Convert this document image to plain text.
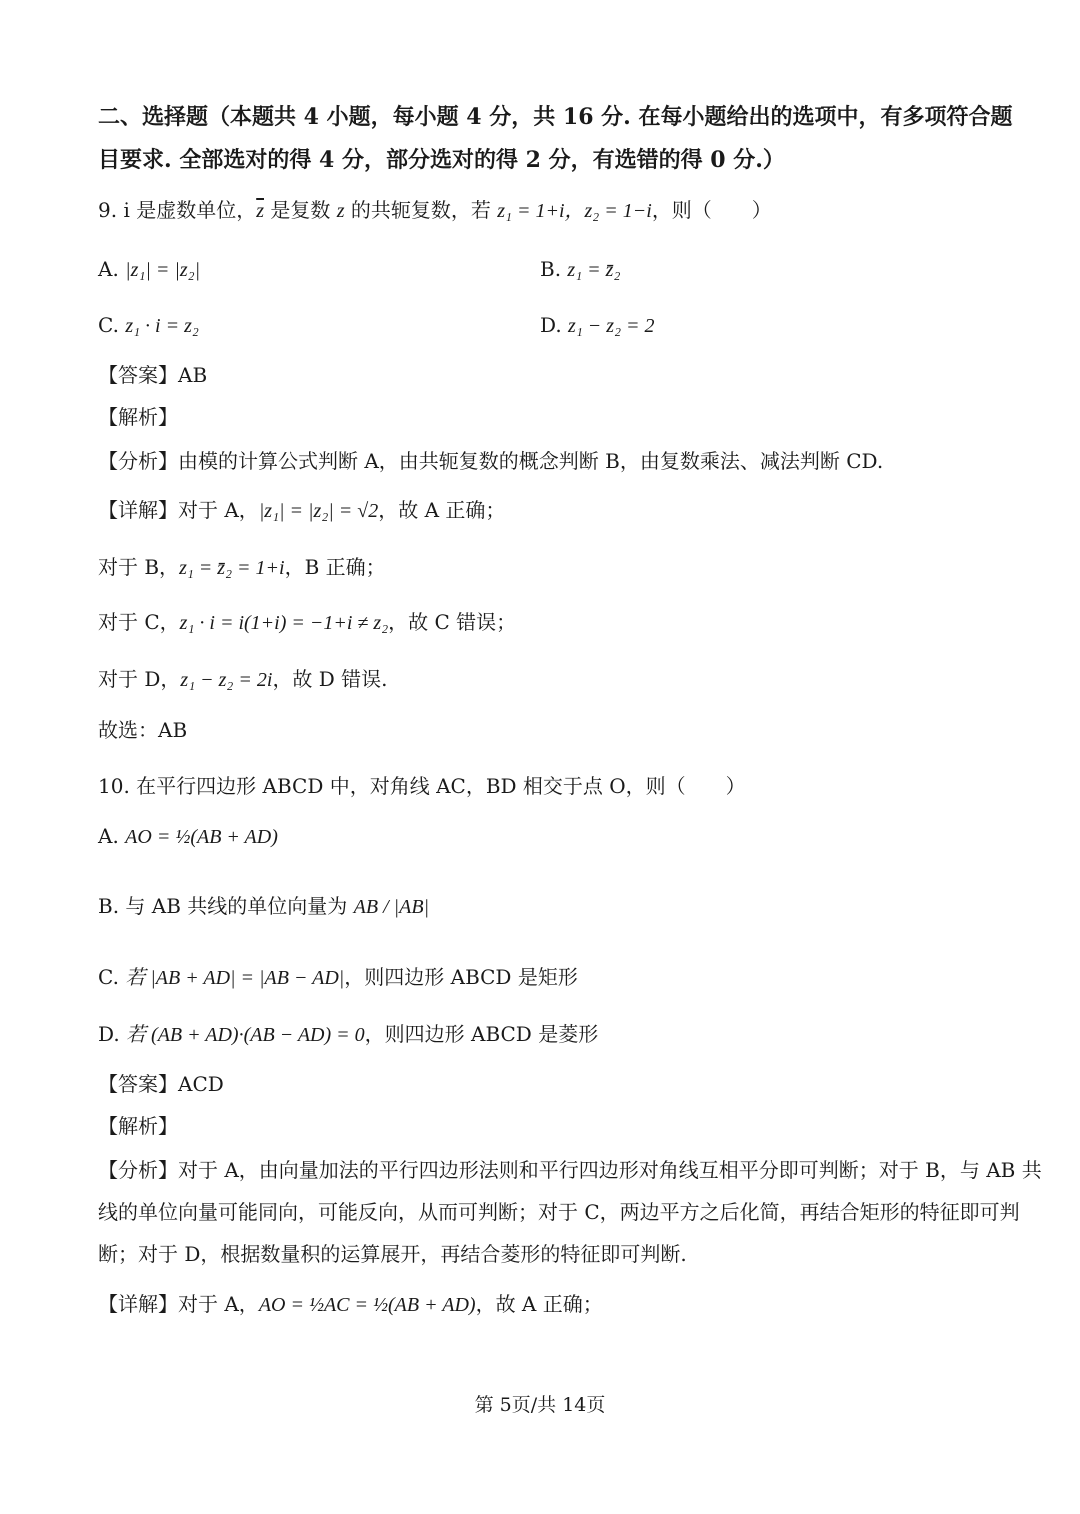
二、选择题（本题共 4 小题，每小题 4 分，共 16 分. 在每小题给出的选项中，有多项符合题
目要求. 全部选对的得 4 分，部分选对的得 2 分，有选错的得 0 分.）
9. i 是虚数单位，$\overline{z}$ 是复数 z 的共轭复数，若 z₁ = 1+i，z₂ = 1−i，则（　　）
A. |z₁| = |z₂|	B. z₁ = z̄₂
C. z₁ · i = z₂	D. z₁ − z₂ = 2
【答案】AB
【解析】
【分析】由模的计算公式判断 A，由共轭复数的概念判断 B，由复数乘法、减法判断 CD.
【详解】对于 A，|z₁| = |z₂| = √2，故 A 正确；
对于 B，z₁ = z̄₂ = 1+i，B 正确；
对于 C，z₁ · i = i(1+i) = −1+i ≠ z₂，故 C 错误；
对于 D，z₁ − z₂ = 2i，故 D 错误.
故选：AB
10. 在平行四边形 ABCD 中，对角线 AC，BD 相交于点 O，则（　　）
A. AO = ½(AB + AD)
B. 与 AB 共线的单位向量为 AB / |AB|
C. 若 |AB + AD| = |AB − AD|，则四边形 ABCD 是矩形
D. 若 (AB + AD)·(AB − AD) = 0，则四边形 ABCD 是菱形
【答案】ACD
【解析】
【分析】对于 A，由向量加法的平行四边形法则和平行四边形对角线互相平分即可判断；对于 B，与 AB 共
线的单位向量可能同向，可能反向，从而可判断；对于 C，两边平方之后化简，再结合矩形的特征即可判
断；对于 D，根据数量积的运算展开，再结合菱形的特征即可判断.
【详解】对于 A，AO = ½AC = ½(AB + AD)，故 A 正确；
第 5页/共 14页
